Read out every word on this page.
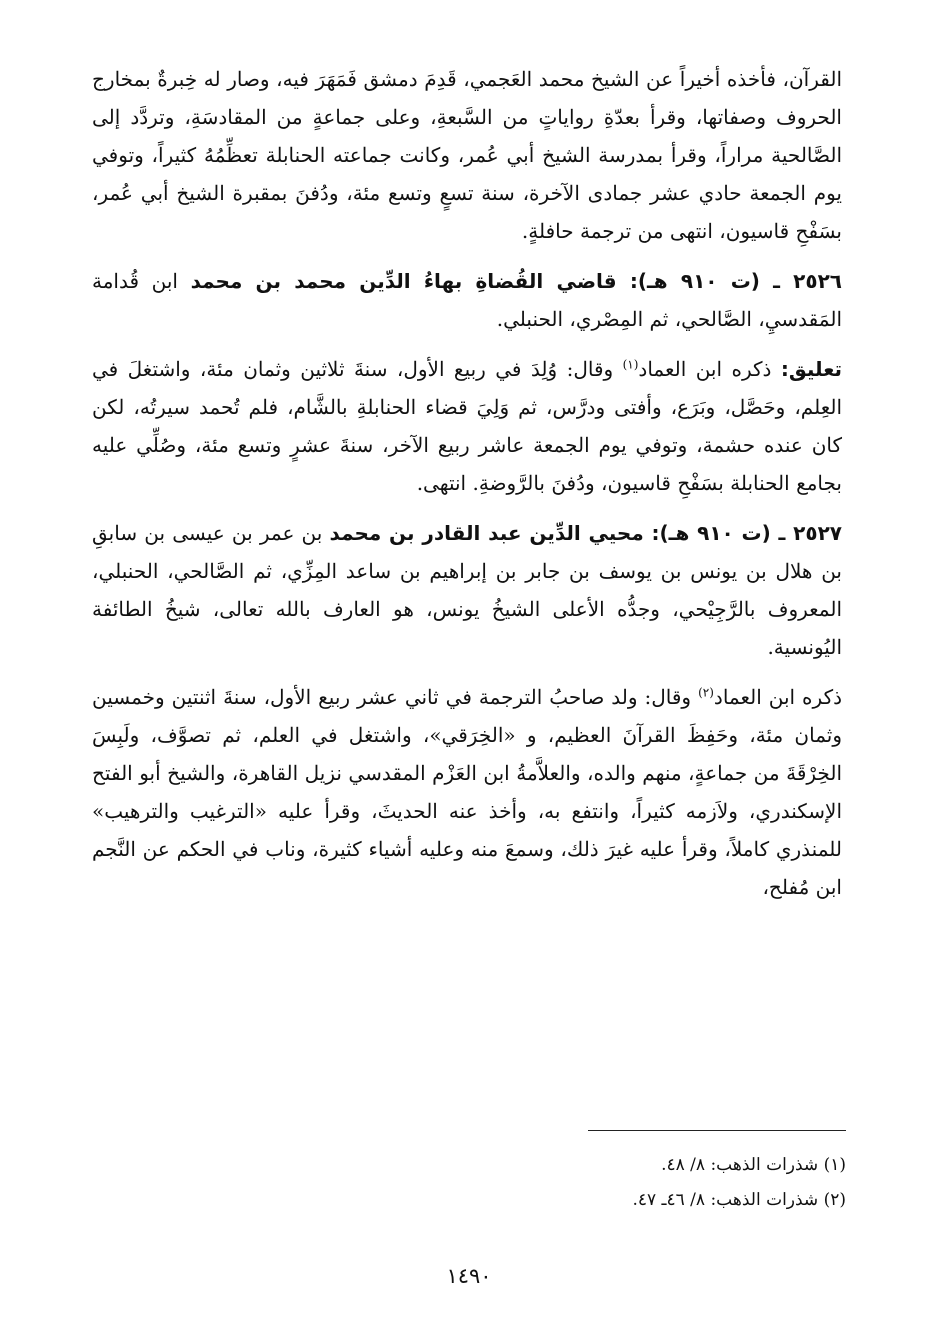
القرآن، فأخذه أخيراً عن الشيخ محمد العَجمي، قَدِمَ دمشق فَمَهَرَ فيه، وصار له خِبرةٌ بمخارج الحروف وصفاتها، وقرأ بعدّةِ رواياتٍ من السَّبعةِ، وعلى جماعةٍ من المقادسَةِ، وتردَّد إلى الصَّالحية مراراً، وقرأ بمدرسة الشيخ أبي عُمر، وكانت جماعته الحنابلة تعظِّمُهُ كثيراً، وتوفي يوم الجمعة حادي عشر جمادى الآخرة، سنة تسعٍ وتسع مئة، ودُفنَ بمقبرة الشيخ أبي عُمر، بسَفْحِ قاسيون، انتهى من ترجمة حافلةٍ.

٢٥٢٦ ـ (ت ٩١٠ هـ): قاضي القُضاةِ بهاءُ الدِّين محمد بن محمد ابن قُدامة المَقدسيِ، الصَّالحي، ثم المِصْري، الحنبلي.

تعليق: ذكره ابن العماد$^{(١)}$ وقال: وُلِدَ في ربيع الأول، سنةَ ثلاثين وثمان مئة، واشتغلَ في العِلم، وحَصَّل، وبَرَع، وأفتى ودرَّس، ثم وَلِيَ قضاء الحنابلةِ بالشَّام، فلم تُحمد سيرتُه، لكن كان عنده حشمة، وتوفي يوم الجمعة عاشر ربيع الآخر، سنةَ عشرٍ وتسع مئة، وصُلِّي عليه بجامع الحنابلة بسَفْحِ قاسيون، ودُفنَ بالرَّوضةِ. انتهى.

٢٥٢٧ ـ (ت ٩١٠ هـ): محيي الدِّين عبد القادر بن محمد بن عمر بن عيسى بن سابقِ بن هلال بن يونس بن يوسف بن جابر بن إبراهيم بن ساعد المِزِّي، ثم الصَّالحي، الحنبلي، المعروف بالرَّجِيْحي، وجدُّه الأعلى الشيخُ يونس، هو العارف بالله تعالى، شيخُ الطائفة اليُونسية.

ذكره ابن العماد$^{(٢)}$ وقال: ولد صاحبُ الترجمة في ثاني عشر ربيع الأول، سنةَ اثنتين وخمسين وثمان مئة، وحَفِظَ القرآنَ العظيم، و «الخِرَقي»، واشتغل في العلم، ثم تصوَّف، ولَبِسَ الخِرْقَةَ من جماعةٍ، منهم والده، والعلاَّمةُ ابن العَزْم المقدسي نزيل القاهرة، والشيخ أبو الفتح الإسكندري، ولاَزمه كثيراً، وانتفع به، وأخذ عنه الحديثَ، وقرأ عليه «الترغيب والترهيب» للمنذري كاملاً، وقرأ عليه غيرَ ذلك، وسمعَ منه وعليه أشياء كثيرة، وناب في الحكم عن النَّجم ابن مُفلح،

(١) شذرات الذهب: ٨/ ٤٨.
(٢) شذرات الذهب: ٨/ ٤٦ـ ٤٧.
١٤٩٠
